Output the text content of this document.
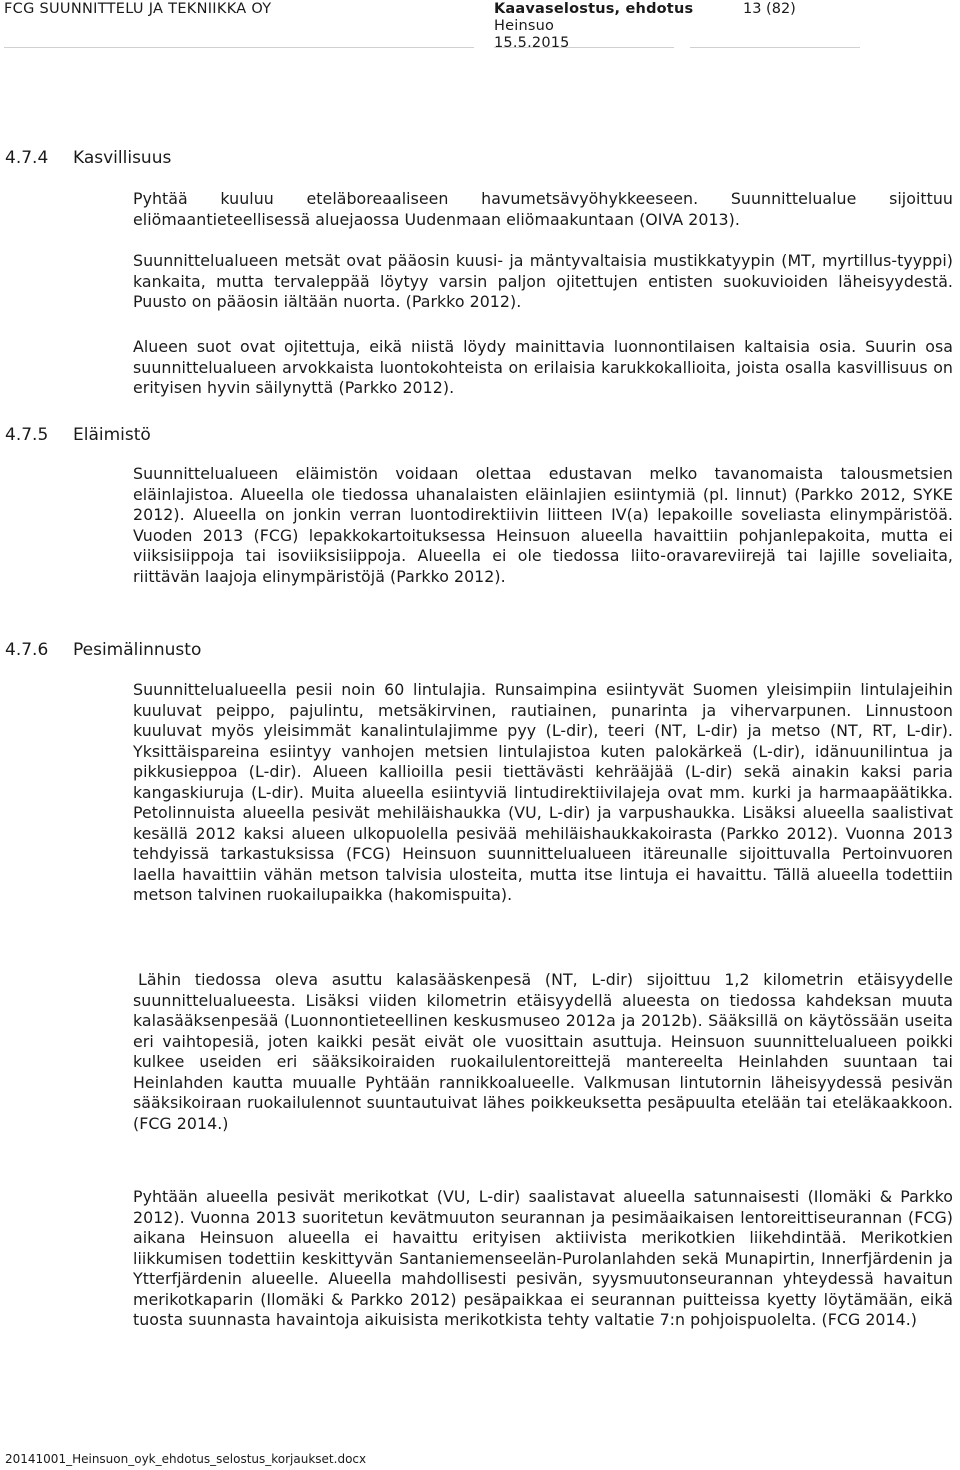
FCG SUUNNITTELU JA TEKNIIKKA OY	Kaavaselostus, ehdotus
Heinsuo
15.5.2015
13 (82)
4.7.4 Kasvillisuus

Pyhtää kuuluu eteläboreaaliseen havumetsävyöhykkeeseen. Suunnittelualue sijoittuu eliömaantieteellisessä aluejaossa Uudenmaan eliömaakuntaan (OIVA 2013).

Suunnittelualueen metsät ovat pääosin kuusi- ja mäntyvaltaisia mustikkatyypin (MT, myrtillus-tyyppi) kankaita, mutta tervaleppää löytyy varsin paljon ojitettujen entisten suokuvioiden läheisyydestä. Puusto on pääosin iältään nuorta. (Parkko 2012).

Alueen suot ovat ojitettuja, eikä niistä löydy mainittavia luonnontilaisen kaltaisia osia. Suurin osa suunnittelualueen arvokkaista luontokohteista on erilaisia karukkokallioita, joista osalla kasvillisuus on erityisen hyvin säilynyttä (Parkko 2012).

4.7.5 Eläimistö

Suunnittelualueen eläimistön voidaan olettaa edustavan melko tavanomaista talousmetsien eläinlajistoa. Alueella ole tiedossa uhanalaisten eläinlajien esiintymiä (pl. linnut) (Parkko 2012, SYKE 2012). Alueella on jonkin verran luontodirektiivin liitteen IV(a) lepakoille soveliasta elinympäristöä. Vuoden 2013 (FCG) lepakkokartoituksessa Heinsuon alueella havaittiin pohjanlepakoita, mutta ei viiksisiippoja tai isoviiksisiippoja. Alueella ei ole tiedossa liito-oravareviirejä tai lajille soveliaita, riittävän laajoja elinympäristöjä (Parkko 2012).

4.7.6 Pesimälinnusto

Suunnittelualueella pesii noin 60 lintulajia. Runsaimpina esiintyvät Suomen yleisimpiin lintulajeihin kuuluvat peippo, pajulintu, metsäkirvinen, rautiainen, punarinta ja vihervarpunen. Linnustoon kuuluvat myös yleisimmät kanalintulajimme pyy (L-dir), teeri (NT, L-dir) ja metso (NT, RT, L-dir). Yksittäispareina esiintyy vanhojen metsien lintulajistoa kuten palokärkeä (L-dir), idänuunilintua ja pikkusieppoa (L-dir). Alueen kallioilla pesii tiettävästi kehrääjää (L-dir) sekä ainakin kaksi paria kangaskiuruja (L-dir). Muita alueella esiintyviä lintudirektiivilajeja ovat mm. kurki ja harmaapäätikka. Petolinnuista alueella pesivät mehiläishaukka (VU, L-dir) ja varpushaukka. Lisäksi alueella saalistivat kesällä 2012 kaksi alueen ulkopuolella pesivää mehiläishaukkakoirasta (Parkko 2012). Vuonna 2013 tehdyissä tarkastuksissa (FCG) Heinsuon suunnittelualueen itäreunalle sijoittuvalla Pertoinvuoren laella havaittiin vähän metson talvisia ulosteita, mutta itse lintuja ei havaittu. Tällä alueella todettiin metson talvinen ruokailupaikka (hakomispuita).

Lähin tiedossa oleva asuttu kalasääskenpesä (NT, L-dir) sijoittuu 1,2 kilometrin etäisyydelle suunnittelualueesta. Lisäksi viiden kilometrin etäisyydellä alueesta on tiedossa kahdeksan muuta kalasääksenpesää (Luonnontieteellinen keskusmuseo 2012a ja 2012b). Sääksillä on käytössään useita eri vaihtopesiä, joten kaikki pesät eivät ole vuosittain asuttuja. Heinsuon suunnittelualueen poikki kulkee useiden eri sääksikoiraiden ruokailulentoreittejä mantereelta Heinlahden suuntaan tai Heinlahden kautta muualle Pyhtään rannikkoalueelle. Valkmusan lintutornin läheisyydessä pesivän sääksikoiraan ruokailulennot suuntautuivat lähes poikkeuksetta pesäpuulta etelään tai eteläkaakkoon. (FCG 2014.)

Pyhtään alueella pesivät merikotkat (VU, L-dir) saalistavat alueella satunnaisesti (Ilomäki & Parkko 2012). Vuonna 2013 suoritetun kevätmuuton seurannan ja pesimäaikaisen lentoreittiseurannan (FCG) aikana Heinsuon alueella ei havaittu erityisen aktiivista merikotkien liikehdintää. Merikotkien liikkumisen todettiin keskittyvän Santaniemenseelän-Purolanlahden sekä Munapirtin, Innerfjärdenin ja Ytterfjärdenin alueelle. Alueella mahdollisesti pesivän, syysmuutonseurannan yhteydessä havaitun merikotkaparin (Ilomäki & Parkko 2012) pesäpaikkaa ei seurannan puitteissa kyetty löytämään, eikä tuosta suunnasta havaintoja aikuisista merikotkista tehty valtatie 7:n pohjoispuolelta. (FCG 2014.)

20141001_Heinsuon_oyk_ehdotus_selostus_korjaukset.docx
